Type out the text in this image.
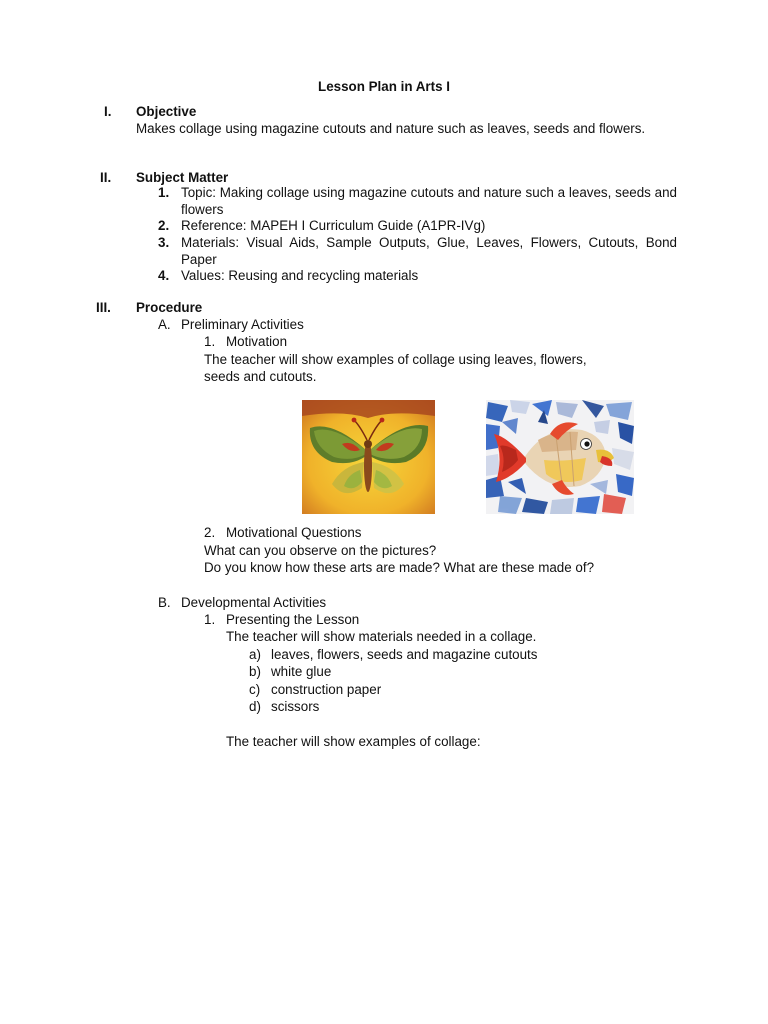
Lesson Plan in Arts I
I. Objective
Makes collage using magazine cutouts and nature such as leaves, seeds and flowers.
II. Subject Matter
1. Topic: Making collage using magazine cutouts and nature such a leaves, seeds and flowers
2. Reference: MAPEH I Curriculum Guide (A1PR-IVg)
3. Materials: Visual Aids, Sample Outputs, Glue, Leaves, Flowers, Cutouts, Bond Paper
4. Values: Reusing and recycling materials
III. Procedure
A. Preliminary Activities
1. Motivation
The teacher will show examples of collage using leaves, flowers,
seeds and cutouts.
2. Motivational Questions
What can you observe on the pictures?
Do you know how these arts are made? What are these made of?
B. Developmental Activities
1. Presenting the Lesson
The teacher will show materials needed in a collage.
a) leaves, flowers, seeds and magazine cutouts
b) white glue
c) construction paper
d) scissors
The teacher will show examples of collage:
